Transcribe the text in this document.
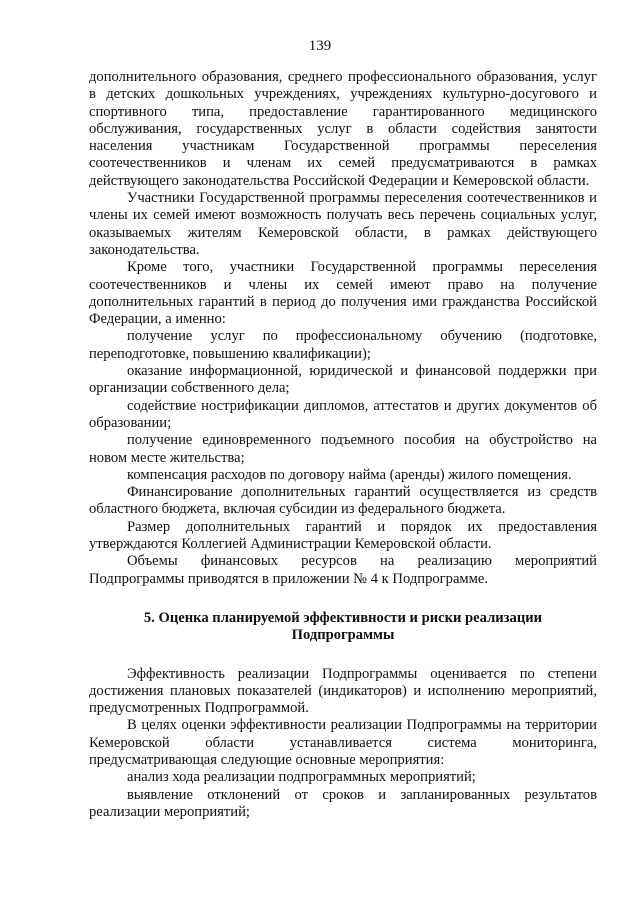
139

дополнительного образования, среднего профессионального образования, услуг в детских дошкольных учреждениях, учреждениях культурно-досугового и спортивного типа, предоставление гарантированного медицинского обслуживания, государственных услуг в области содействия занятости населения участникам Государственной программы переселения соотечественников и членам их семей предусматриваются в рамках действующего законодательства Российской Федерации и Кемеровской области.

Участники Государственной программы переселения соотечественников и члены их семей имеют возможность получать весь перечень социальных услуг, оказываемых жителям Кемеровской области, в рамках действующего законодательства.

Кроме того, участники Государственной программы переселения соотечественников и члены их семей имеют право на получение дополнительных гарантий в период до получения ими гражданства Российской Федерации, а именно:

получение услуг по профессиональному обучению (подготовке, переподготовке, повышению квалификации);

оказание информационной, юридической и финансовой поддержки при организации собственного дела;

содействие нострификации дипломов, аттестатов и других документов об образовании;

получение единовременного подъемного пособия на обустройство на новом месте жительства;

компенсация расходов по договору найма (аренды) жилого помещения.

Финансирование дополнительных гарантий осуществляется из средств областного бюджета, включая субсидии из федерального бюджета.

Размер дополнительных гарантий и порядок их предоставления утверждаются Коллегией Администрации Кемеровской области.

Объемы финансовых ресурсов на реализацию мероприятий Подпрограммы приводятся в приложении № 4 к Подпрограмме.

5. Оценка планируемой эффективности и риски реализации
Подпрограммы

Эффективность реализации Подпрограммы оценивается по степени достижения плановых показателей (индикаторов) и исполнению мероприятий, предусмотренных Подпрограммой.

В целях оценки эффективности реализации Подпрограммы на территории Кемеровской области устанавливается система мониторинга, предусматривающая следующие основные мероприятия:

анализ хода реализации подпрограммных мероприятий;

выявление отклонений от сроков и запланированных результатов реализации мероприятий;
